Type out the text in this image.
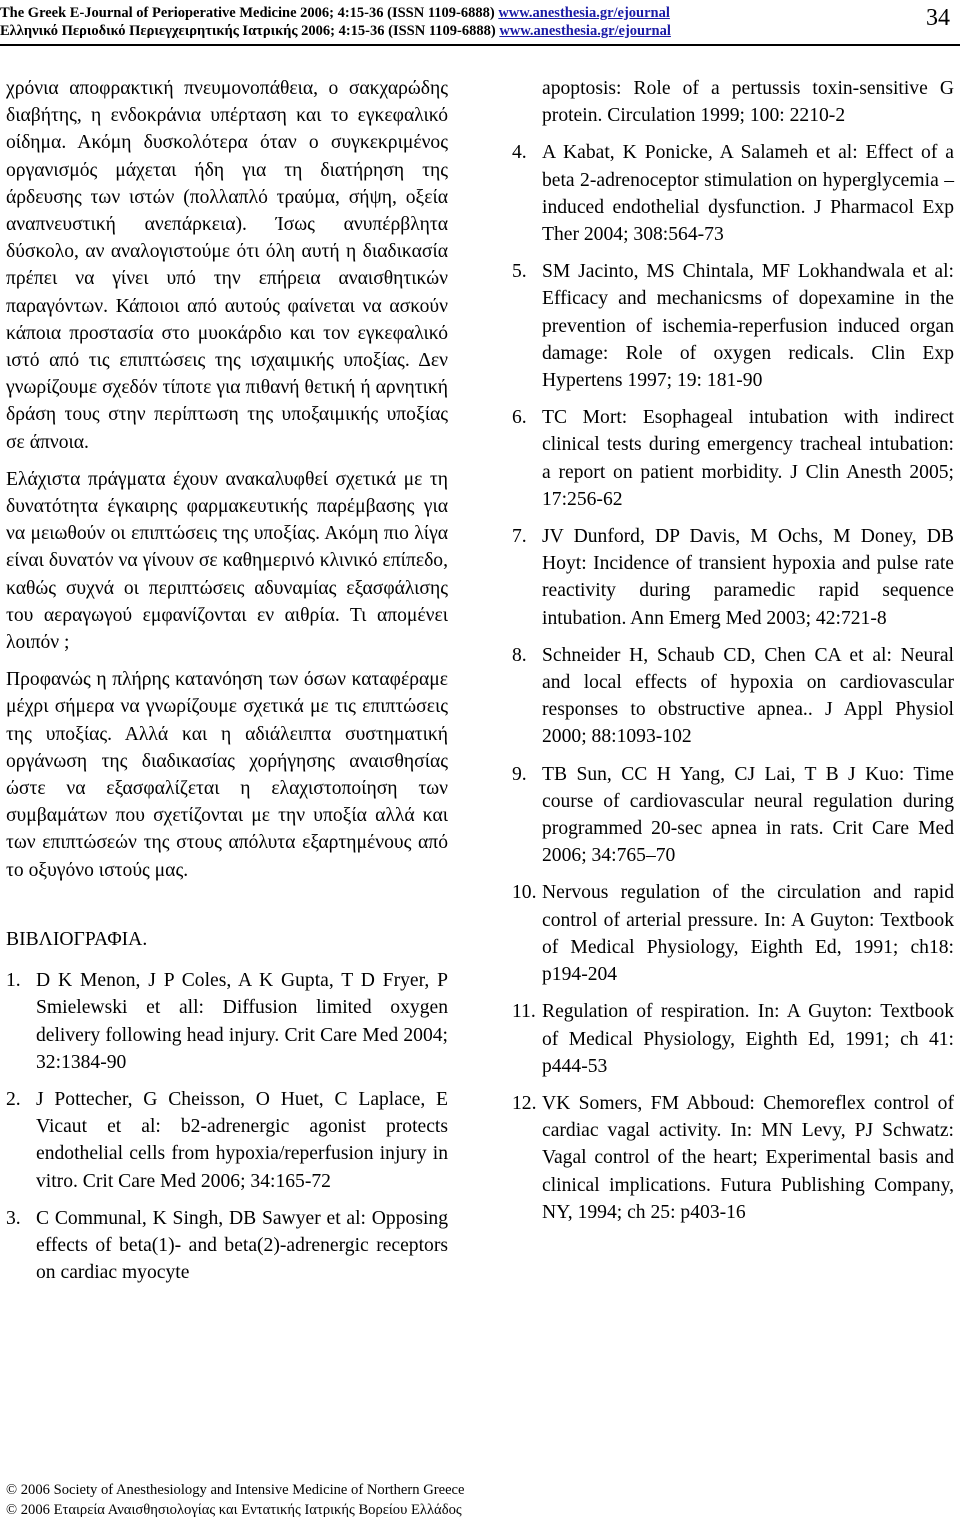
The Greek E-Journal of Perioperative Medicine 2006; 4:15-36 (ISSN 1109-6888) www.anesthesia.gr/ejournal
Ελληνικό Περιοδικό Περιεγχειρητικής Ιατρικής 2006; 4:15-36 (ISSN 1109-6888) www.anesthesia.gr/ejournal	34

χρόνια αποφρακτική πνευμονοπάθεια, ο σακχαρώδης διαβήτης, η ενδοκράνια υπέρταση και το εγκεφαλικό οίδημα. Ακόμη δυσκολότερα όταν ο συγκεκριμένος οργανισμός μάχεται ήδη για τη διατήρηση της άρδευσης των ιστών (πολλαπλό τραύμα, σήψη, οξεία αναπνευστική ανεπάρκεια). Ίσως ανυπέρβλητα δύσκολο, αν αναλογιστούμε ότι όλη αυτή η διαδικασία πρέπει να γίνει υπό την επήρεια αναισθητικών παραγόντων. Κάποιοι από αυτούς φαίνεται να ασκούν κάποια προστασία στο μυοκάρδιο και τον εγκεφαλικό ιστό από τις επιπτώσεις της ισχαιμικής υποξίας. Δεν γνωρίζουμε σχεδόν τίποτε για πιθανή θετική ή αρνητική δράση τους στην περίπτωση της υποξαιμικής υποξίας σε άπνοια.

Ελάχιστα πράγματα έχουν ανακαλυφθεί σχετικά με τη δυνατότητα έγκαιρης φαρμακευτικής παρέμβασης για να μειωθούν οι επιπτώσεις της υποξίας. Ακόμη πιο λίγα είναι δυνατόν να γίνουν σε καθημερινό κλινικό επίπεδο, καθώς συχνά οι περιπτώσεις αδυναμίας εξασφάλισης του αεραγωγού εμφανίζονται εν αιθρία. Τι απομένει λοιπόν ;

Προφανώς η πλήρης κατανόηση των όσων καταφέραμε μέχρι σήμερα να γνωρίζουμε σχετικά με τις επιπτώσεις της υποξίας. Αλλά και η αδιάλειπτα συστηματική οργάνωση της διαδικασίας χορήγησης αναισθησίας ώστε να εξασφαλίζεται η ελαχιστοποίηση των συμβαμάτων που σχετίζονται με την υποξία αλλά και των επιπτώσεών της στους απόλυτα εξαρτημένους από το οξυγόνο ιστούς μας.

ΒΙΒΛΙΟΓΡΑΦΙΑ.

1. D K Menon, J P Coles, A K Gupta, T D Fryer, P Smielewski et all: Diffusion limited oxygen delivery following head injury. Crit Care Med 2004; 32:1384-90
2. J Pottecher, G Cheisson, O Huet, C Laplace, E Vicaut et al: b2-adrenergic agonist protects endothelial cells from hypoxia/reperfusion injury in vitro. Crit Care Med 2006; 34:165-72
3. C Communal, K Singh, DB Sawyer et al: Opposing effects of beta(1)- and beta(2)-adrenergic receptors on cardiac myocyte
apoptosis: Role of a pertussis toxin-sensitive G protein. Circulation 1999; 100: 2210-2
4. A Kabat, K Ponicke, A Salameh et al: Effect of a beta 2-adrenoceptor stimulation on hyperglycemia – induced endothelial dysfunction. J Pharmacol Exp Ther 2004; 308:564-73
5. SM Jacinto, MS Chintala, MF Lokhandwala et al: Efficacy and mechanicsms of dopexamine in the prevention of ischemia-reperfusion induced organ damage: Role of oxygen redicals. Clin Exp Hypertens 1997; 19: 181-90
6. TC Mort: Esophageal intubation with indirect clinical tests during emergency tracheal intubation: a report on patient morbidity. J Clin Anesth 2005; 17:256-62
7. JV Dunford, DP Davis, M Ochs, M Doney, DB Hoyt: Incidence of transient hypoxia and pulse rate reactivity during paramedic rapid sequence intubation. Ann Emerg Med 2003; 42:721-8
8. Schneider H, Schaub CD, Chen CA et al: Neural and local effects of hypoxia on cardiovascular responses to obstructive apnea.. J Appl Physiol 2000; 88:1093-102
9. TB Sun, CC H Yang, CJ Lai, T B J Kuo: Time course of cardiovascular neural regulation during programmed 20-sec apnea in rats. Crit Care Med 2006; 34:765–70
10. Nervous regulation of the circulation and rapid control of arterial pressure. In: A Guyton: Textbook of Medical Physiology, Eighth Ed, 1991; ch18: p194-204
11. Regulation of respiration. In: A Guyton: Textbook of Medical Physiology, Eighth Ed, 1991; ch 41: p444-53
12. VK Somers, FM Abboud: Chemoreflex control of cardiac vagal activity. In: MN Levy, PJ Schwatz: Vagal control of the heart; Experimental basis and clinical implications. Futura Publishing Company, NY, 1994; ch 25: p403-16
© 2006 Society of Anesthesiology and Intensive Medicine of Northern Greece
© 2006 Εταιρεία Αναισθησιολογίας και Εντατικής Ιατρικής Βορείου Ελλάδος
